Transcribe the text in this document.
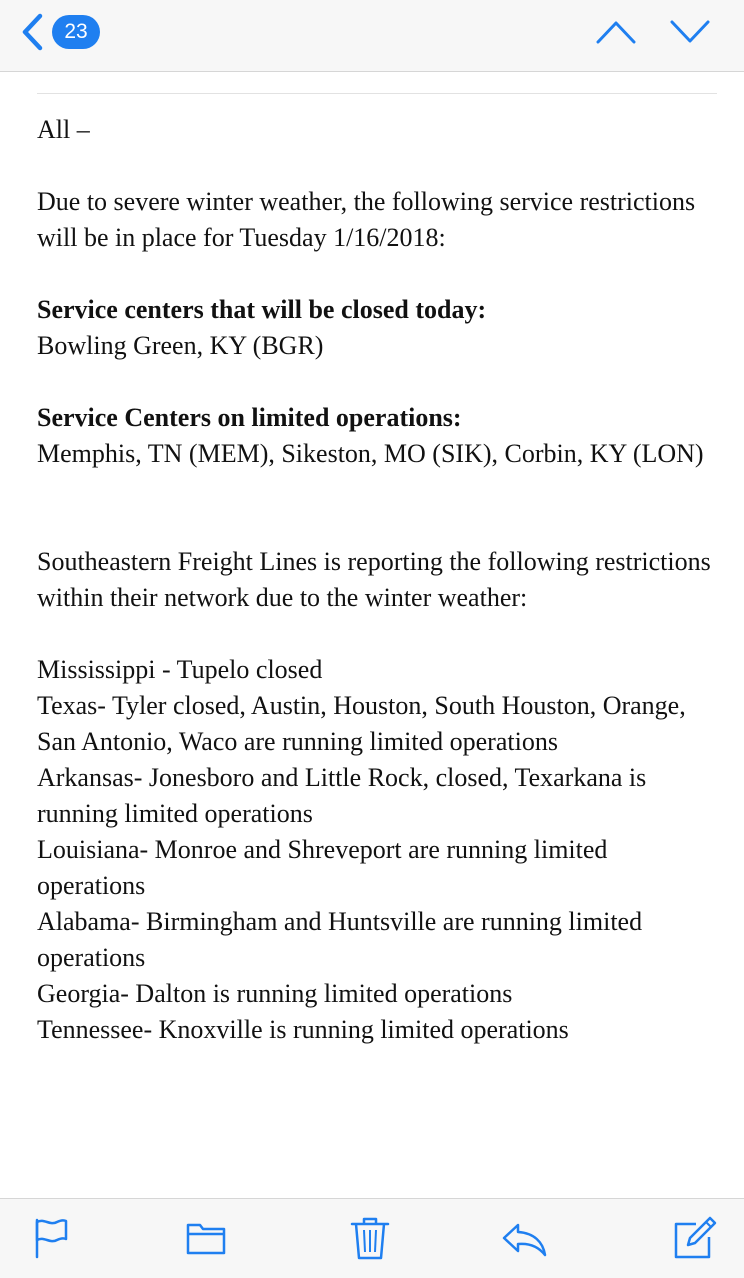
23

All –

Due to severe winter weather, the following service restrictions will be in place for Tuesday 1/16/2018:

Service centers that will be closed today:
Bowling Green, KY (BGR)

Service Centers on limited operations:
Memphis, TN (MEM), Sikeston, MO (SIK), Corbin, KY (LON)

Southeastern Freight Lines is reporting the following restrictions within their network due to the winter weather:

Mississippi - Tupelo closed
Texas- Tyler closed, Austin, Houston, South Houston, Orange, San Antonio, Waco are running limited operations
Arkansas- Jonesboro and Little Rock, closed, Texarkana is running limited operations
Louisiana- Monroe and Shreveport are running limited operations
Alabama- Birmingham and Huntsville are running limited operations
Georgia- Dalton is running limited operations
Tennessee- Knoxville is running limited operations
